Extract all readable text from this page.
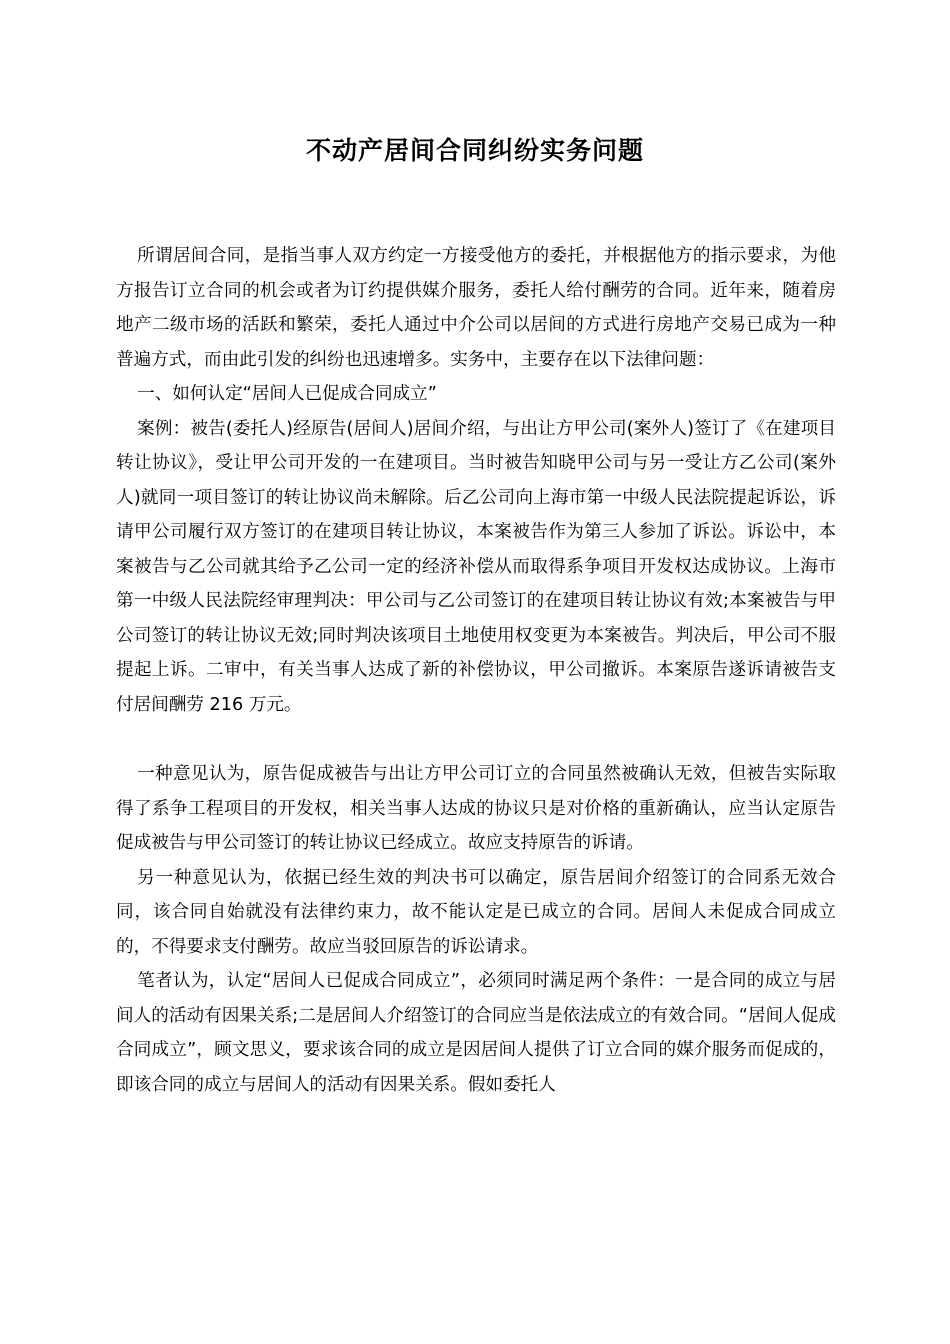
不动产居间合同纠纷实务问题

所谓居间合同，是指当事人双方约定一方接受他方的委托，并根据他方的指示要求，为他方报告订立合同的机会或者为订约提供媒介服务，委托人给付酬劳的合同。近年来，随着房地产二级市场的活跃和繁荣，委托人通过中介公司以居间的方式进行房地产交易已成为一种普遍方式，而由此引发的纠纷也迅速增多。实务中，主要存在以下法律问题：

一、如何认定“居间人已促成合同成立”

案例：被告(委托人)经原告(居间人)居间介绍，与出让方甲公司(案外人)签订了《在建项目转让协议》，受让甲公司开发的一在建项目。当时被告知晓甲公司与另一受让方乙公司(案外人)就同一项目签订的转让协议尚未解除。后乙公司向上海市第一中级人民法院提起诉讼，诉请甲公司履行双方签订的在建项目转让协议，本案被告作为第三人参加了诉讼。诉讼中，本案被告与乙公司就其给予乙公司一定的经济补偿从而取得系争项目开发权达成协议。上海市第一中级人民法院经审理判决：甲公司与乙公司签订的在建项目转让协议有效;本案被告与甲公司签订的转让协议无效;同时判决该项目土地使用权变更为本案被告。判决后，甲公司不服提起上诉。二审中，有关当事人达成了新的补偿协议，甲公司撤诉。本案原告遂诉请被告支付居间酬劳 216 万元。

一种意见认为，原告促成被告与出让方甲公司订立的合同虽然被确认无效，但被告实际取得了系争工程项目的开发权，相关当事人达成的协议只是对价格的重新确认，应当认定原告促成被告与甲公司签订的转让协议已经成立。故应支持原告的诉请。

另一种意见认为，依据已经生效的判决书可以确定，原告居间介绍签订的合同系无效合同，该合同自始就没有法律约束力，故不能认定是已成立的合同。居间人未促成合同成立的，不得要求支付酬劳。故应当驳回原告的诉讼请求。

笔者认为，认定“居间人已促成合同成立”，必须同时满足两个条件：一是合同的成立与居间人的活动有因果关系;二是居间人介绍签订的合同应当是依法成立的有效合同。“居间人促成合同成立”，顾文思义，要求该合同的成立是因居间人提供了订立合同的媒介服务而促成的，即该合同的成立与居间人的活动有因果关系。假如委托人
